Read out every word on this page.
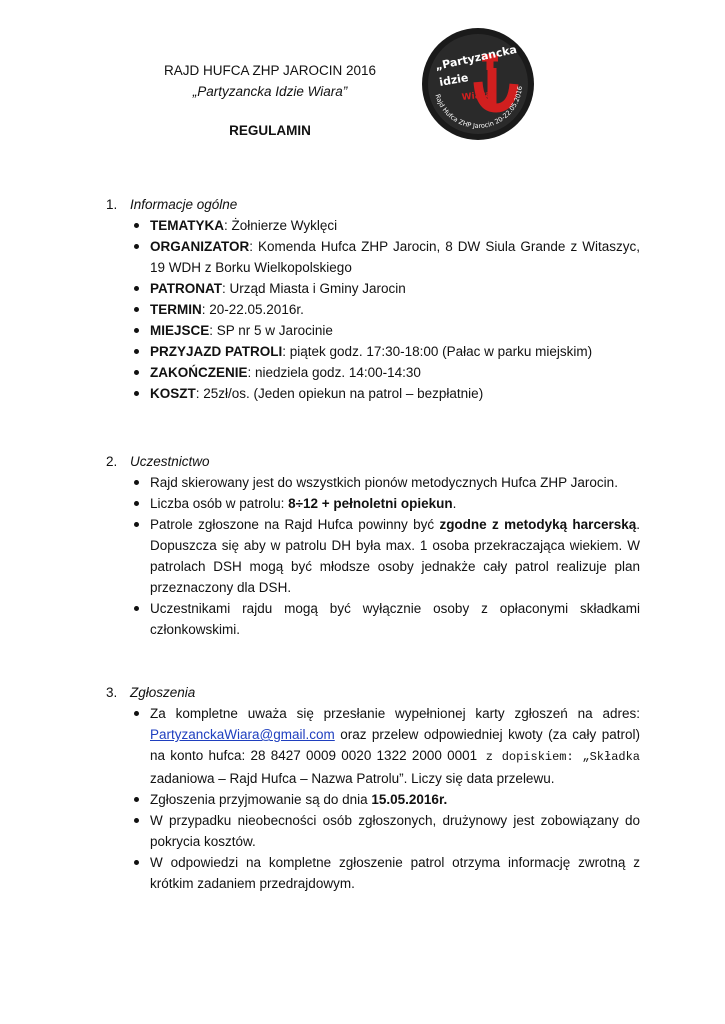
RAJD HUFCA ZHP JAROCIN 2016
„Partyzancka Idzie Wiara”
REGULAMIN
„Partyzancka
idzie
Wiara”
Rajd Hufca ZHP Jarocin 20-22.05.2016
1. Informacje ogólne
TEMATYKA: Żołnierze Wyklęci
ORGANIZATOR: Komenda Hufca ZHP Jarocin, 8 DW Siula Grande z Witaszyc, 19 WDH z Borku Wielkopolskiego
PATRONAT: Urząd Miasta i Gminy Jarocin
TERMIN: 20-22.05.2016r.
MIEJSCE: SP nr 5 w Jarocinie
PRZYJAZD PATROLI: piątek godz. 17:30-18:00 (Pałac w parku miejskim)
ZAKOŃCZENIE: niedziela godz. 14:00-14:30
KOSZT: 25zł/os. (Jeden opiekun na patrol – bezpłatnie)
2. Uczestnictwo
Rajd skierowany jest do wszystkich pionów metodycznych Hufca ZHP Jarocin.
Liczba osób w patrolu: 8÷12 + pełnoletni opiekun.
Patrole zgłoszone na Rajd Hufca powinny być zgodne z metodyką harcerską. Dopuszcza się aby w patrolu DH była max. 1 osoba przekraczająca wiekiem. W patrolach DSH mogą być młodsze osoby jednakże cały patrol realizuje plan przeznaczony dla DSH.
Uczestnikami rajdu mogą być wyłącznie osoby z opłaconymi składkami członkowskimi.
3. Zgłoszenia
Za kompletne uważa się przesłanie wypełnionej karty zgłoszeń na adres: PartyzanckaWiara@gmail.com oraz przelew odpowiedniej kwoty (za cały patrol) na konto hufca: 28 8427 0009 0020 1322 2000 0001 z dopiskiem: „Składka zadaniowa – Rajd Hufca – Nazwa Patrolu”. Liczy się data przelewu.
Zgłoszenia przyjmowanie są do dnia 15.05.2016r.
W przypadku nieobecności osób zgłoszonych, drużynowy jest zobowiązany do pokrycia kosztów.
W odpowiedzi na kompletne zgłoszenie patrol otrzyma informację zwrotną z krótkim zadaniem przedrajdowym.
